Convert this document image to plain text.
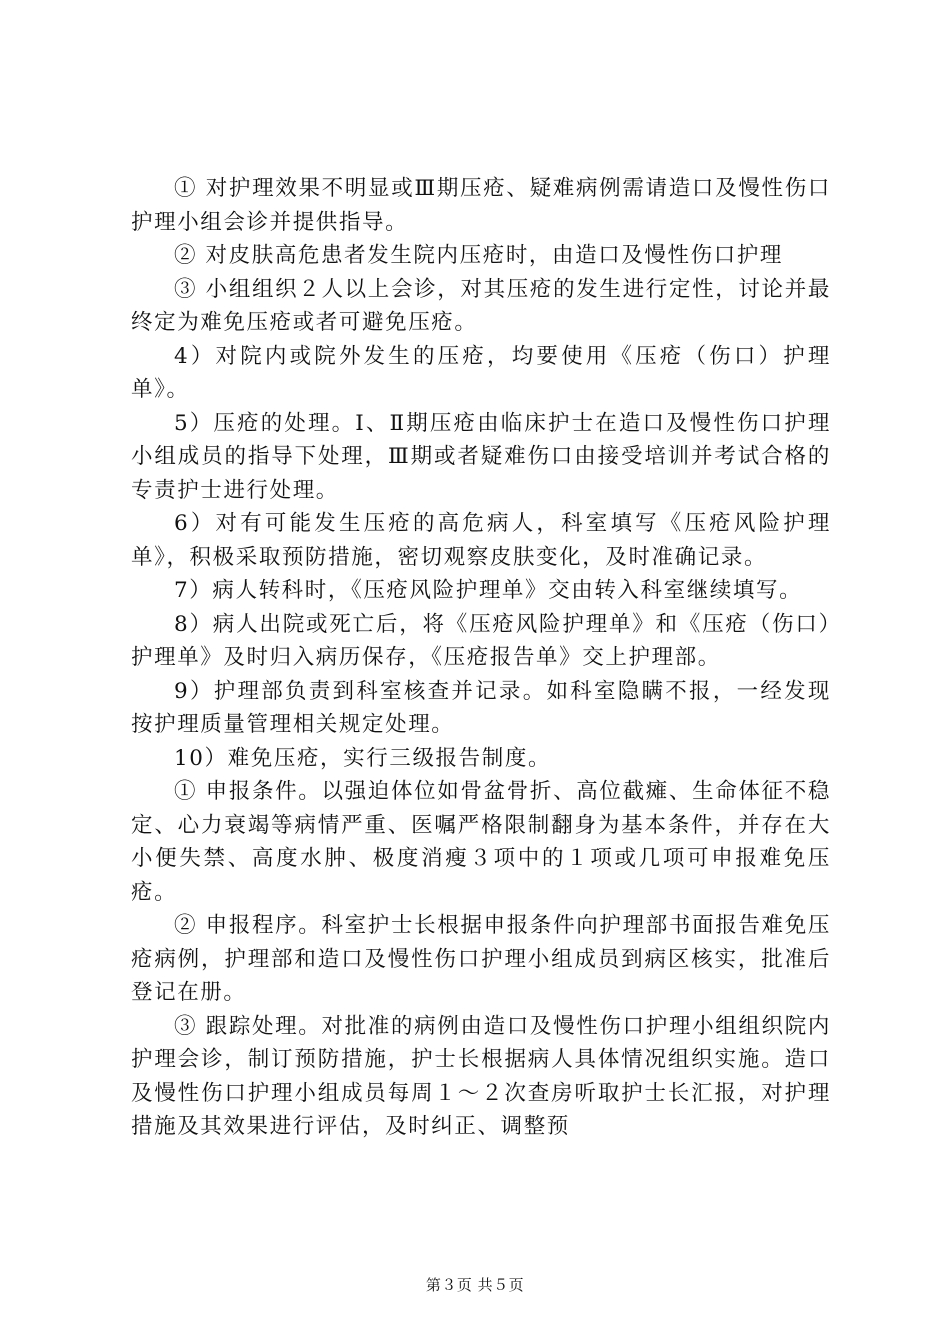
① 对护理效果不明显或Ⅲ期压疮、疑难病例需请造口及慢性伤口护理小组会诊并提供指导。

② 对皮肤高危患者发生院内压疮时，由造口及慢性伤口护理

③ 小组组织２人以上会诊，对其压疮的发生进行定性，讨论并最终定为难免压疮或者可避免压疮。

4）对院内或院外发生的压疮，均要使用《压疮（伤口）护理单》。

5）压疮的处理。Ⅰ、Ⅱ期压疮由临床护士在造口及慢性伤口护理小组成员的指导下处理，Ⅲ期或者疑难伤口由接受培训并考试合格的专责护士进行处理。

6）对有可能发生压疮的高危病人，科室填写《压疮风险护理单》，积极采取预防措施，密切观察皮肤变化，及时准确记录。

7）病人转科时，《压疮风险护理单》交由转入科室继续填写。

8）病人出院或死亡后，将《压疮风险护理单》和《压疮（伤口）护理单》及时归入病历保存，《压疮报告单》交上护理部。

9）护理部负责到科室核查并记录。如科室隐瞒不报，一经发现按护理质量管理相关规定处理。

10）难免压疮，实行三级报告制度。

① 申报条件。以强迫体位如骨盆骨折、高位截瘫、生命体征不稳定、心力衰竭等病情严重、医嘱严格限制翻身为基本条件，并存在大小便失禁、高度水肿、极度消瘦３项中的１项或几项可申报难免压疮。

② 申报程序。科室护士长根据申报条件向护理部书面报告难免压疮病例，护理部和造口及慢性伤口护理小组成员到病区核实，批准后登记在册。

③ 跟踪处理。对批准的病例由造口及慢性伤口护理小组组织院内护理会诊，制订预防措施，护士长根据病人具体情况组织实施。造口及慢性伤口护理小组成员每周１～２次查房听取护士长汇报，对护理措施及其效果进行评估，及时纠正、调整预

第３页 共５页
